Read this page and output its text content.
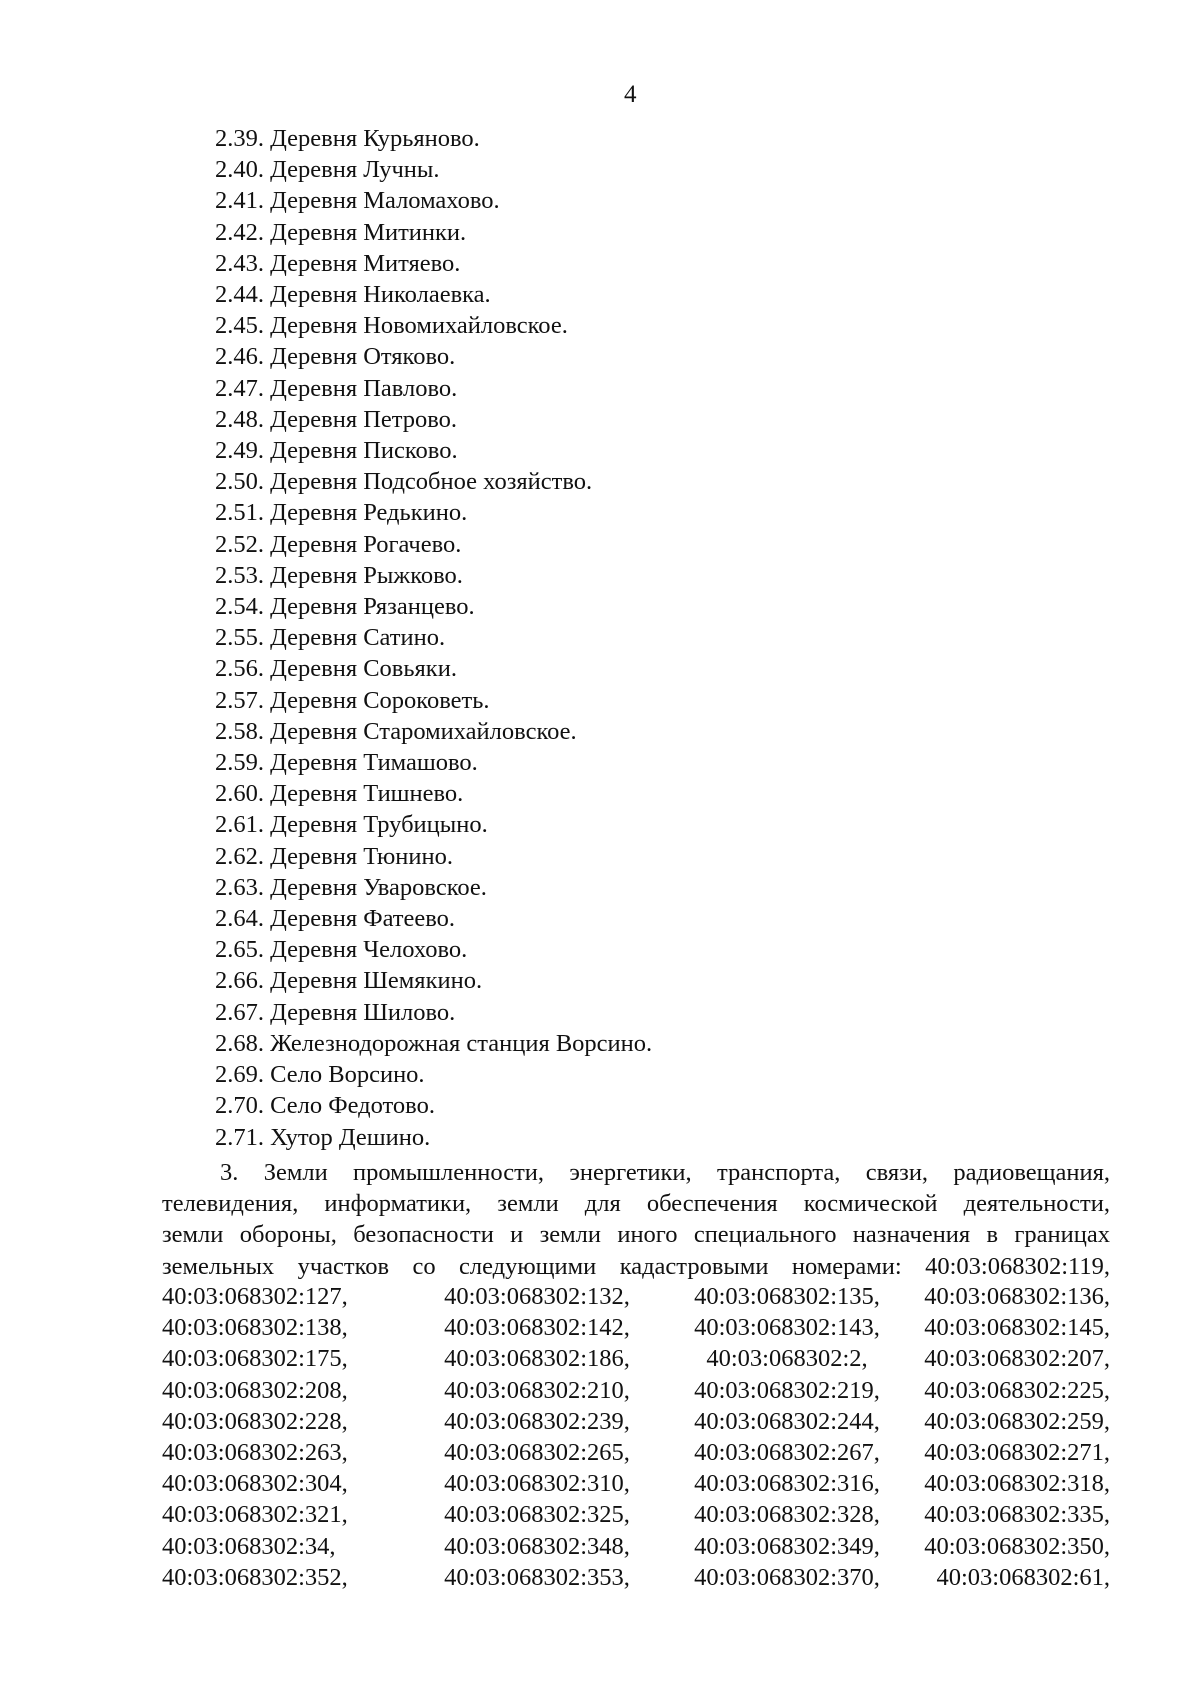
4
2.39. Деревня Курьяново.
2.40. Деревня Лучны.
2.41. Деревня Маломахово.
2.42. Деревня Митинки.
2.43. Деревня Митяево.
2.44. Деревня Николаевка.
2.45. Деревня Новомихайловское.
2.46. Деревня Отяково.
2.47. Деревня Павлово.
2.48. Деревня Петрово.
2.49. Деревня Писково.
2.50. Деревня Подсобное хозяйство.
2.51. Деревня Редькино.
2.52. Деревня Рогачево.
2.53. Деревня Рыжково.
2.54. Деревня Рязанцево.
2.55. Деревня Сатино.
2.56. Деревня Совьяки.
2.57. Деревня Сороковеть.
2.58. Деревня Старомихайловское.
2.59. Деревня Тимашово.
2.60. Деревня Тишнево.
2.61. Деревня Трубицыно.
2.62. Деревня Тюнино.
2.63. Деревня Уваровское.
2.64. Деревня Фатеево.
2.65. Деревня Челохово.
2.66. Деревня Шемякино.
2.67. Деревня Шилово.
2.68. Железнодорожная станция Ворсино.
2.69. Село Ворсино.
2.70. Село Федотово.
2.71. Хутор Дешино.

3. Земли промышленности, энергетики, транспорта, связи, радиовещания,

телевидения, информатики, земли для обеспечения космической деятельности,

земли обороны, безопасности и земли иного специального назначения в границах

земельных участков со следующими кадастровыми номерами: 40:03:068302:119,

40:03:068302:127,	40:03:068302:132,	40:03:068302:135,	40:03:068302:136,
40:03:068302:138,	40:03:068302:142,	40:03:068302:143,	40:03:068302:145,
40:03:068302:175,	40:03:068302:186,	40:03:068302:2,	40:03:068302:207,
40:03:068302:208,	40:03:068302:210,	40:03:068302:219,	40:03:068302:225,
40:03:068302:228,	40:03:068302:239,	40:03:068302:244,	40:03:068302:259,
40:03:068302:263,	40:03:068302:265,	40:03:068302:267,	40:03:068302:271,
40:03:068302:304,	40:03:068302:310,	40:03:068302:316,	40:03:068302:318,
40:03:068302:321,	40:03:068302:325,	40:03:068302:328,	40:03:068302:335,
40:03:068302:34,	40:03:068302:348,	40:03:068302:349,	40:03:068302:350,
40:03:068302:352,	40:03:068302:353,	40:03:068302:370,	40:03:068302:61,
